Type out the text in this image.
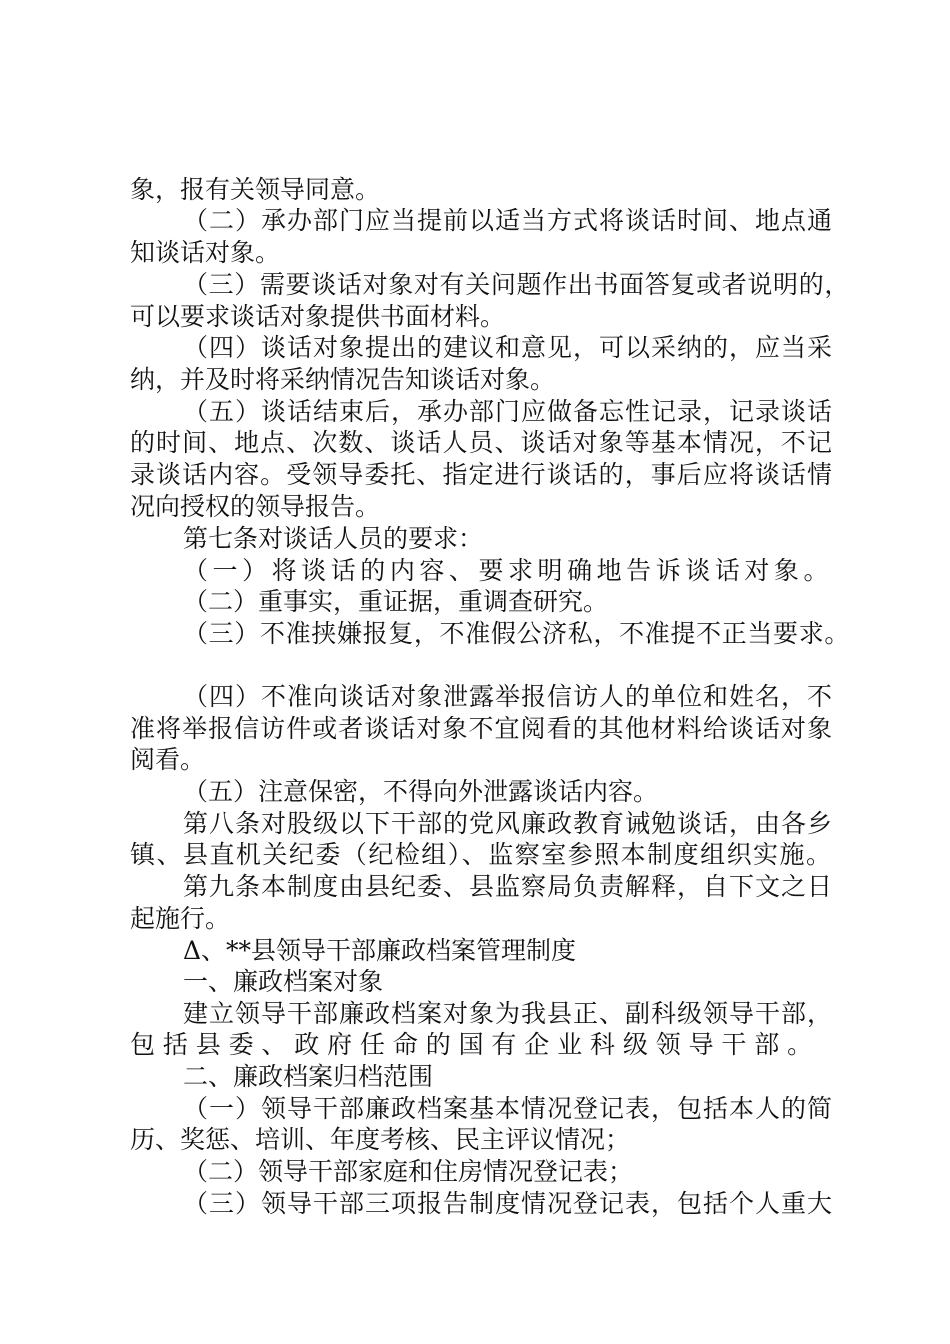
象，报有关领导同意。
（二）承办部门应当提前以适当方式将谈话时间、地点通
知谈话对象。
（三）需要谈话对象对有关问题作出书面答复或者说明的，
可以要求谈话对象提供书面材料。
（四）谈话对象提出的建议和意见，可以采纳的，应当采
纳，并及时将采纳情况告知谈话对象。
（五）谈话结束后，承办部门应做备忘性记录，记录谈话
的时间、地点、次数、谈话人员、谈话对象等基本情况，不记
录谈话内容。受领导委托、指定进行谈话的，事后应将谈话情
况向授权的领导报告。
第七条对谈话人员的要求：
（一）将谈话的内容、要求明确地告诉谈话对象。
（二）重事实，重证据，重调查研究。
（三）不准挟嫌报复，不准假公济私，不准提不正当要求。
（四）不准向谈话对象泄露举报信访人的单位和姓名，不
准将举报信访件或者谈话对象不宜阅看的其他材料给谈话对象
阅看。
（五）注意保密，不得向外泄露谈话内容。
第八条对股级以下干部的党风廉政教育诫勉谈话，由各乡
镇、县直机关纪委（纪检组）、监察室参照本制度组织实施。
第九条本制度由县纪委、县监察局负责解释，自下文之日
起施行。
Δ、**县领导干部廉政档案管理制度
一、廉政档案对象
建立领导干部廉政档案对象为我县正、副科级领导干部，
包括县委、政府任命的国有企业科级领导干部。
二、廉政档案归档范围
（一）领导干部廉政档案基本情况登记表，包括本人的简
历、奖惩、培训、年度考核、民主评议情况；
（二）领导干部家庭和住房情况登记表；
（三）领导干部三项报告制度情况登记表，包括个人重大
